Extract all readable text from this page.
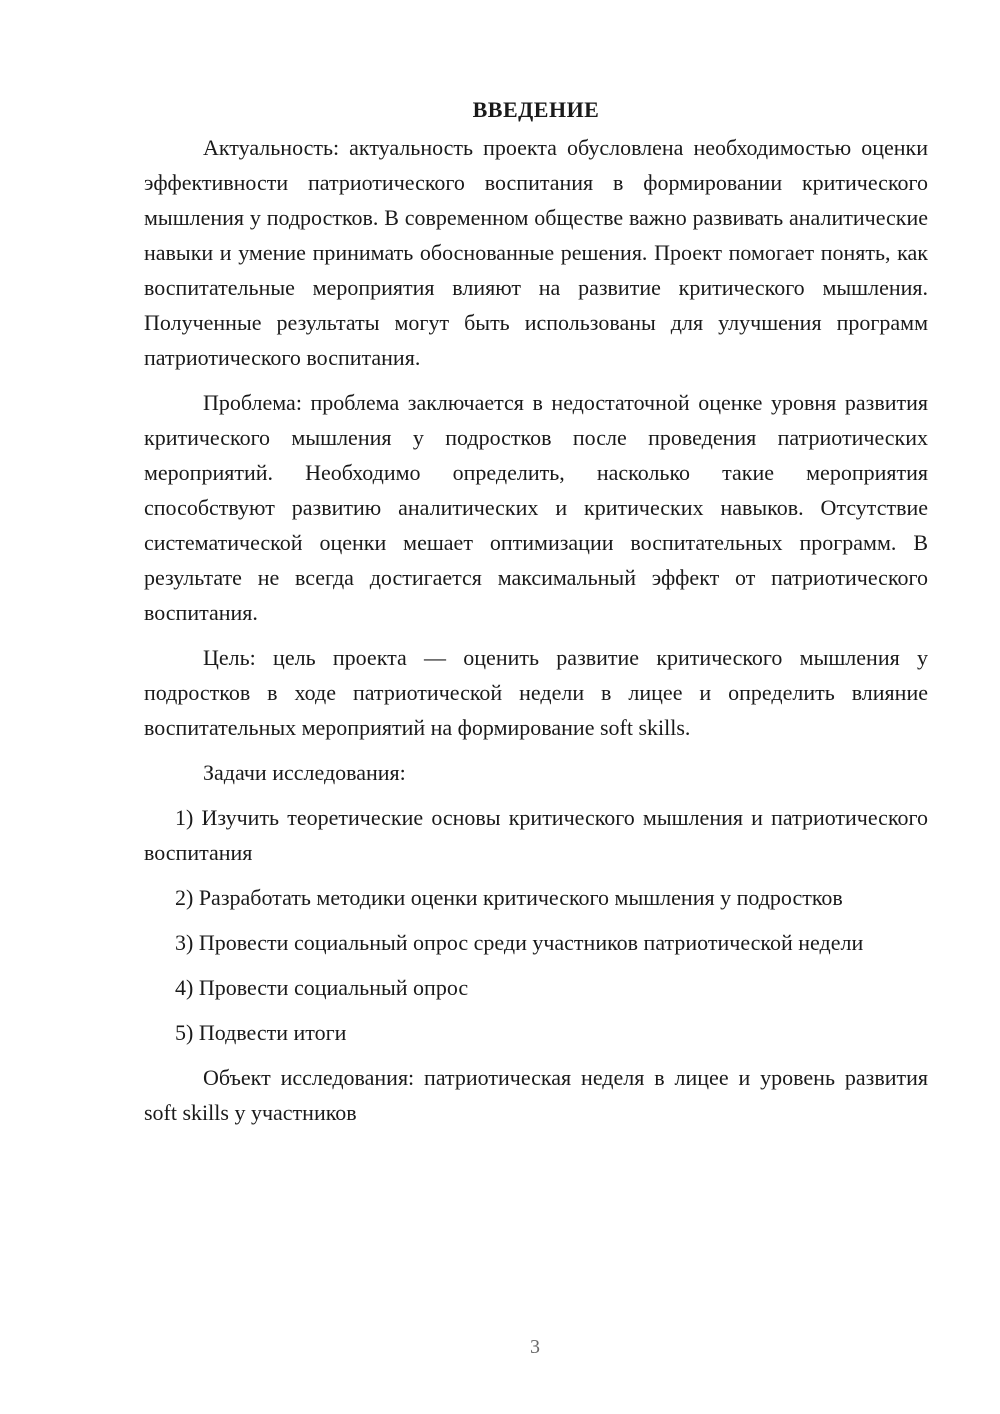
ВВЕДЕНИЕ

Актуальность: актуальность проекта обусловлена необходимостью оценки эффективности патриотического воспитания в формировании критического мышления у подростков. В современном обществе важно развивать аналитические навыки и умение принимать обоснованные решения. Проект помогает понять, как воспитательные мероприятия влияют на развитие критического мышления. Полученные результаты могут быть использованы для улучшения программ патриотического воспитания.

Проблема: проблема заключается в недостаточной оценке уровня развития критического мышления у подростков после проведения патриотических мероприятий. Необходимо определить, насколько такие мероприятия способствуют развитию аналитических и критических навыков. Отсутствие систематической оценки мешает оптимизации воспитательных программ. В результате не всегда достигается максимальный эффект от патриотического воспитания.

Цель: цель проекта — оценить развитие критического мышления у подростков в ходе патриотической недели в лицее и определить влияние воспитательных мероприятий на формирование soft skills.

Задачи исследования:

1) Изучить теоретические основы критического мышления и патриотического воспитания

2) Разработать методики оценки критического мышления у подростков

3) Провести социальный опрос среди участников патриотической недели

4) Провести социальный опрос

5) Подвести итоги

Объект исследования: патриотическая неделя в лицее и уровень развития soft skills у участников

3
